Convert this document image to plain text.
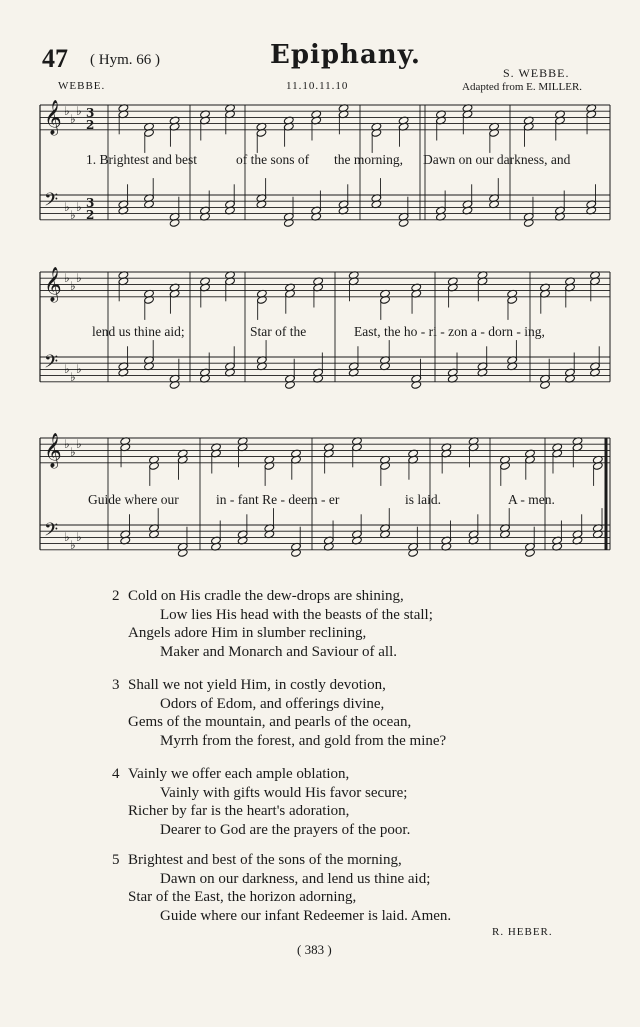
47 ( Hym. 66 )	Epiphany.
WEBBE.	11.10.11.10
S. WEBBE.
Adapted from E. MILLER.
𝄞 ♭
♭
♭ 3
2
𝄢 ♭
♭
♭ 3
2
𝄞 ♭
♭
♭
𝄢 ♭
♭
♭
𝄞 ♭
♭
♭
𝄢 ♭
♭
♭
1. Brightest and best	of the sons of the morning, Dawn on our darkness, and
lend us thine aid;	Star of the	East, the ho - ri - zon a - dorn - ing,
Guide where our	in - fant Re - deem - er	is laid.	A - men.
2 Cold on His cradle the dew-drops are shining,
Low lies His head with the beasts of the stall;
Angels adore Him in slumber reclining,
Maker and Monarch and Saviour of all.
3 Shall we not yield Him, in costly devotion,
Odors of Edom, and offerings divine,
Gems of the mountain, and pearls of the ocean,
Myrrh from the forest, and gold from the mine?
4 Vainly we offer each ample oblation,
Vainly with gifts would His favor secure;
Richer by far is the heart's adoration,
Dearer to God are the prayers of the poor.
5 Brightest and best of the sons of the morning,
Dawn on our darkness, and lend us thine aid;
Star of the East, the horizon adorning,
Guide where our infant Redeemer is laid. Amen.
R. HEBER.
( 383 )
